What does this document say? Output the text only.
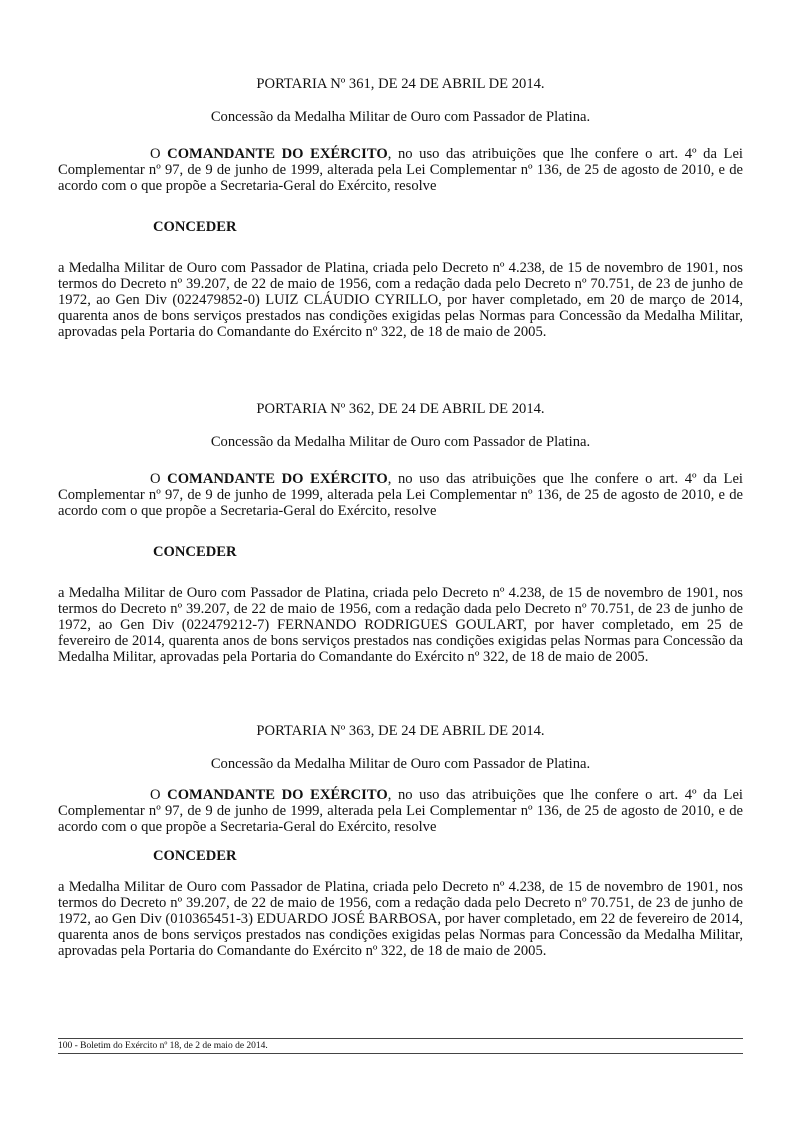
PORTARIA Nº 361, DE 24 DE ABRIL DE 2014.

Concessão da Medalha Militar de Ouro com Passador de Platina.

O COMANDANTE DO EXÉRCITO, no uso das atribuições que lhe confere o art. 4º da Lei Complementar nº 97, de 9 de junho de 1999, alterada pela Lei Complementar nº 136, de 25 de agosto de 2010, e de acordo com o que propõe a Secretaria-Geral do Exército, resolve

CONCEDER

a Medalha Militar de Ouro com Passador de Platina, criada pelo Decreto nº 4.238, de 15 de novembro de 1901, nos termos do Decreto nº 39.207, de 22 de maio de 1956, com a redação dada pelo Decreto nº 70.751, de 23 de junho de 1972, ao Gen Div (022479852-0) LUIZ CLÁUDIO CYRILLO, por haver completado, em 20 de março de 2014, quarenta anos de bons serviços prestados nas condições exigidas pelas Normas para Concessão da Medalha Militar, aprovadas pela Portaria do Comandante do Exército nº 322, de 18 de maio de 2005.

PORTARIA Nº 362, DE 24 DE ABRIL DE 2014.

Concessão da Medalha Militar de Ouro com Passador de Platina.

O COMANDANTE DO EXÉRCITO, no uso das atribuições que lhe confere o art. 4º da Lei Complementar nº 97, de 9 de junho de 1999, alterada pela Lei Complementar nº 136, de 25 de agosto de 2010, e de acordo com o que propõe a Secretaria-Geral do Exército, resolve

CONCEDER

a Medalha Militar de Ouro com Passador de Platina, criada pelo Decreto nº 4.238, de 15 de novembro de 1901, nos termos do Decreto nº 39.207, de 22 de maio de 1956, com a redação dada pelo Decreto nº 70.751, de 23 de junho de 1972, ao Gen Div (022479212-7) FERNANDO RODRIGUES GOULART, por haver completado, em 25 de fevereiro de 2014, quarenta anos de bons serviços prestados nas condições exigidas pelas Normas para Concessão da Medalha Militar, aprovadas pela Portaria do Comandante do Exército nº 322, de 18 de maio de 2005.

PORTARIA Nº 363, DE 24 DE ABRIL DE 2014.

Concessão da Medalha Militar de Ouro com Passador de Platina.

O COMANDANTE DO EXÉRCITO, no uso das atribuições que lhe confere o art. 4º da Lei Complementar nº 97, de 9 de junho de 1999, alterada pela Lei Complementar nº 136, de 25 de agosto de 2010, e de acordo com o que propõe a Secretaria-Geral do Exército, resolve

CONCEDER

a Medalha Militar de Ouro com Passador de Platina, criada pelo Decreto nº 4.238, de 15 de novembro de 1901, nos termos do Decreto nº 39.207, de 22 de maio de 1956, com a redação dada pelo Decreto nº 70.751, de 23 de junho de 1972, ao Gen Div (010365451-3) EDUARDO JOSÉ BARBOSA, por haver completado, em 22 de fevereiro de 2014, quarenta anos de bons serviços prestados nas condições exigidas pelas Normas para Concessão da Medalha Militar, aprovadas pela Portaria do Comandante do Exército nº 322, de 18 de maio de 2005.

100 - Boletim do Exército nº 18, de 2 de maio de 2014.
